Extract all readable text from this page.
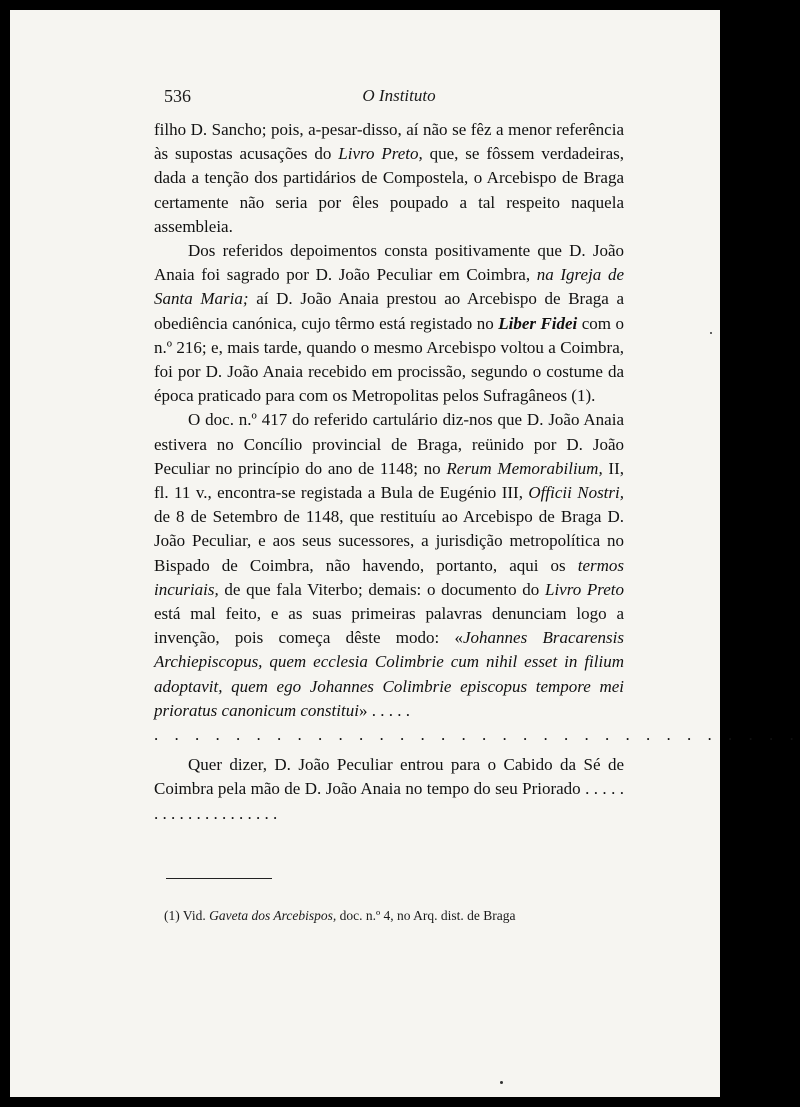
536	O Instituto

filho D. Sancho; pois, a-pesar-disso, aí não se fêz a menor referência às supostas acusações do Livro Preto, que, se fôssem verdadeiras, dada a tenção dos partidários de Compostela, o Arcebispo de Braga certamente não seria por êles poupado a tal respeito naquela assembleia.

Dos referidos depoimentos consta positivamente que D. João Anaia foi sagrado por D. João Peculiar em Coimbra, na Igreja de Santa Maria; aí D. João Anaia prestou ao Arcebispo de Braga a obediência canónica, cujo têrmo está registado no Liber Fidei com o n.º 216; e, mais tarde, quando o mesmo Arcebispo voltou a Coimbra, foi por D. João Anaia recebido em procissão, segundo o costume da época praticado para com os Metropolitas pelos Sufragâneos (1).

O doc. n.º 417 do referido cartulário diz-nos que D. João Anaia estivera no Concílio provincial de Braga, reünido por D. João Peculiar no princípio do ano de 1148; no Rerum Memorabilium, II, fl. 11 v., encontra-se registada a Bula de Eugénio III, Officii Nostri, de 8 de Setembro de 1148, que restituíu ao Arcebispo de Braga D. João Peculiar, e aos seus sucessores, a jurisdição metropolítica no Bispado de Coimbra, não havendo, portanto, aqui os termos incuriais, de que fala Viterbo; demais: o documento do Livro Preto está mal feito, e as suas primeiras palavras denunciam logo a invenção, pois começa dêste modo: «Johannes Bracarensis Archiepiscopus, quem ecclesia Colimbrie cum nihil esset in filium adoptavit, quem ego Johannes Colimbrie episcopus tempore mei prioratus canonicum constitui» . . . . .

. . . . . . . . . . . . . . . . . . . . . . . . . . . . . . . .

Quer dizer, D. João Peculiar entrou para o Cabido da Sé de Coimbra pela mão de D. João Anaia no tempo do seu Priorado . . . . . . . . . . . . . . . . . . . .

(1) Vid. Gaveta dos Arcebispos, doc. n.º 4, no Arq. dist. de Braga
